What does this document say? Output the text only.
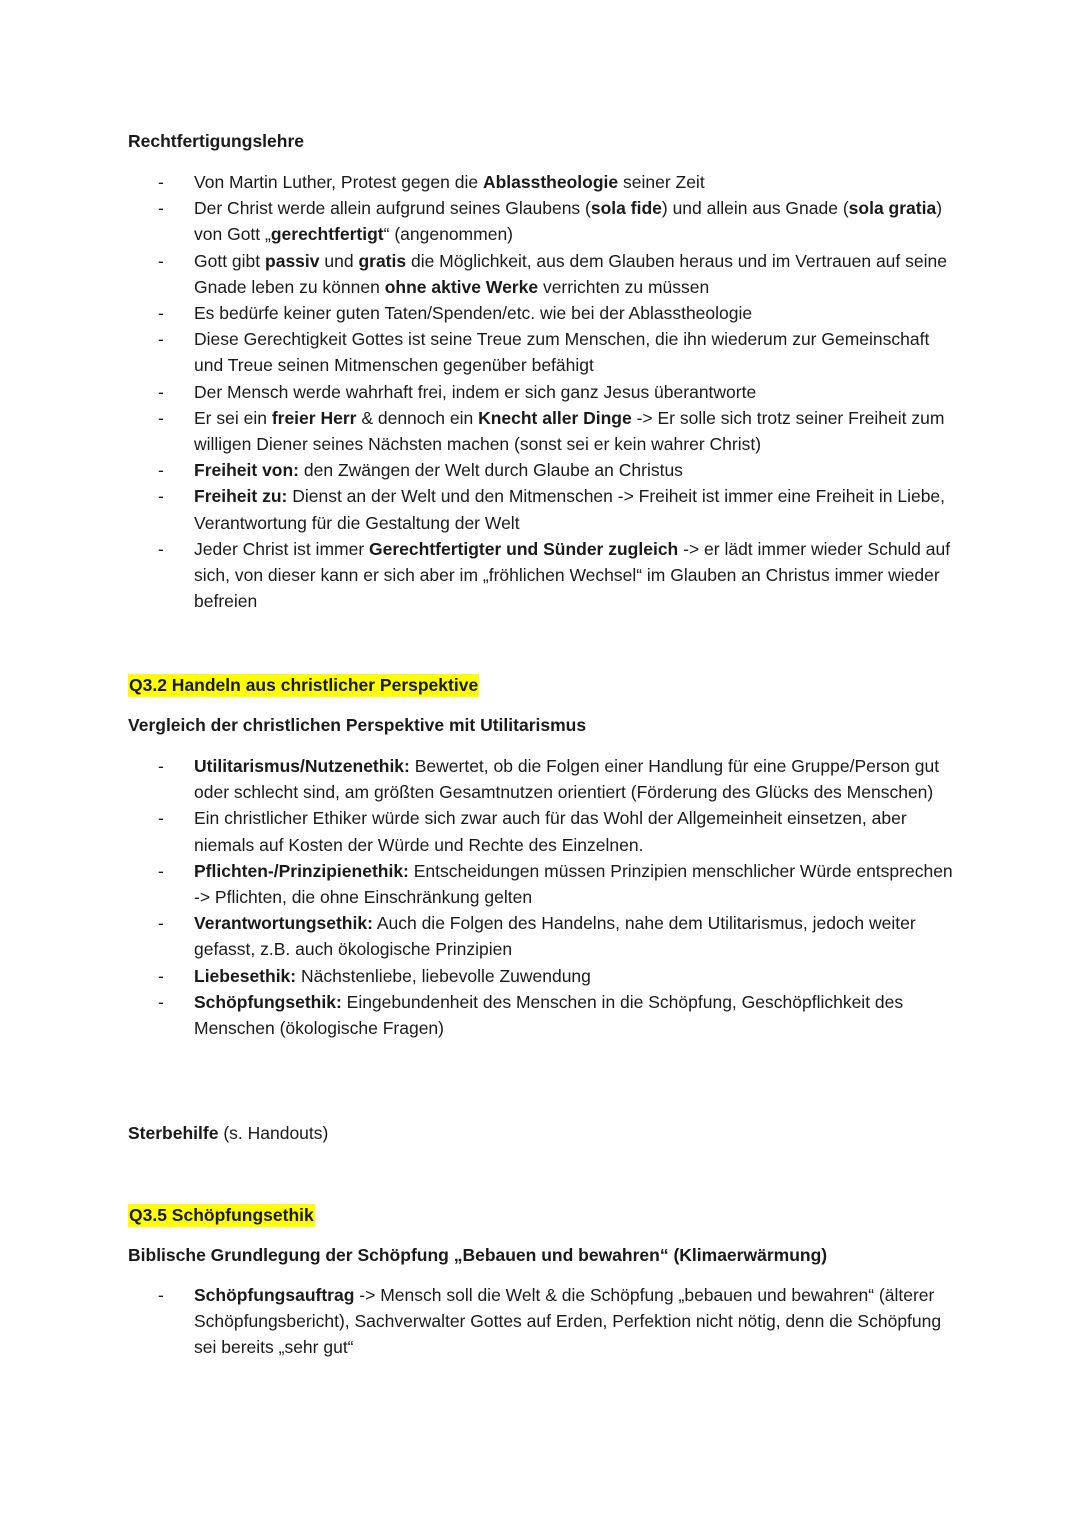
Rechtfertigungslehre
- Von Martin Luther, Protest gegen die Ablasstheologie seiner Zeit
- Der Christ werde allein aufgrund seines Glaubens (sola fide) und allein aus Gnade (sola gratia) von Gott „gerechtfertigt“ (angenommen)
- Gott gibt passiv und gratis die Möglichkeit, aus dem Glauben heraus und im Vertrauen auf seine Gnade leben zu können ohne aktive Werke verrichten zu müssen
- Es bedürfe keiner guten Taten/Spenden/etc. wie bei der Ablasstheologie
- Diese Gerechtigkeit Gottes ist seine Treue zum Menschen, die ihn wiederum zur Gemeinschaft und Treue seinen Mitmenschen gegenüber befähigt
- Der Mensch werde wahrhaft frei, indem er sich ganz Jesus überantworte
- Er sei ein freier Herr & dennoch ein Knecht aller Dinge -> Er solle sich trotz seiner Freiheit zum willigen Diener seines Nächsten machen (sonst sei er kein wahrer Christ)
- Freiheit von: den Zwängen der Welt durch Glaube an Christus
- Freiheit zu: Dienst an der Welt und den Mitmenschen -> Freiheit ist immer eine Freiheit in Liebe, Verantwortung für die Gestaltung der Welt
- Jeder Christ ist immer Gerechtfertigter und Sünder zugleich -> er lädt immer wieder Schuld auf sich, von dieser kann er sich aber im „fröhlichen Wechsel“ im Glauben an Christus immer wieder befreien
Q3.2 Handeln aus christlicher Perspektive
Vergleich der christlichen Perspektive mit Utilitarismus
- Utilitarismus/Nutzenethik: Bewertet, ob die Folgen einer Handlung für eine Gruppe/Person gut oder schlecht sind, am größten Gesamtnutzen orientiert (Förderung des Glücks des Menschen)
- Ein christlicher Ethiker würde sich zwar auch für das Wohl der Allgemeinheit einsetzen, aber niemals auf Kosten der Würde und Rechte des Einzelnen.
- Pflichten-/Prinzipienethik: Entscheidungen müssen Prinzipien menschlicher Würde entsprechen -> Pflichten, die ohne Einschränkung gelten
- Verantwortungsethik: Auch die Folgen des Handelns, nahe dem Utilitarismus, jedoch weiter gefasst, z.B. auch ökologische Prinzipien
- Liebesethik: Nächstenliebe, liebevolle Zuwendung
- Schöpfungsethik: Eingebundenheit des Menschen in die Schöpfung, Geschöpflichkeit des Menschen (ökologische Fragen)
Sterbehilfe (s. Handouts)
Q3.5 Schöpfungsethik
Biblische Grundlegung der Schöpfung „Bebauen und bewahren“ (Klimaerwärmung)
- Schöpfungsauftrag -> Mensch soll die Welt & die Schöpfung „bebauen und bewahren“ (älterer Schöpfungsbericht), Sachverwalter Gottes auf Erden, Perfektion nicht nötig, denn die Schöpfung sei bereits „sehr gut“
